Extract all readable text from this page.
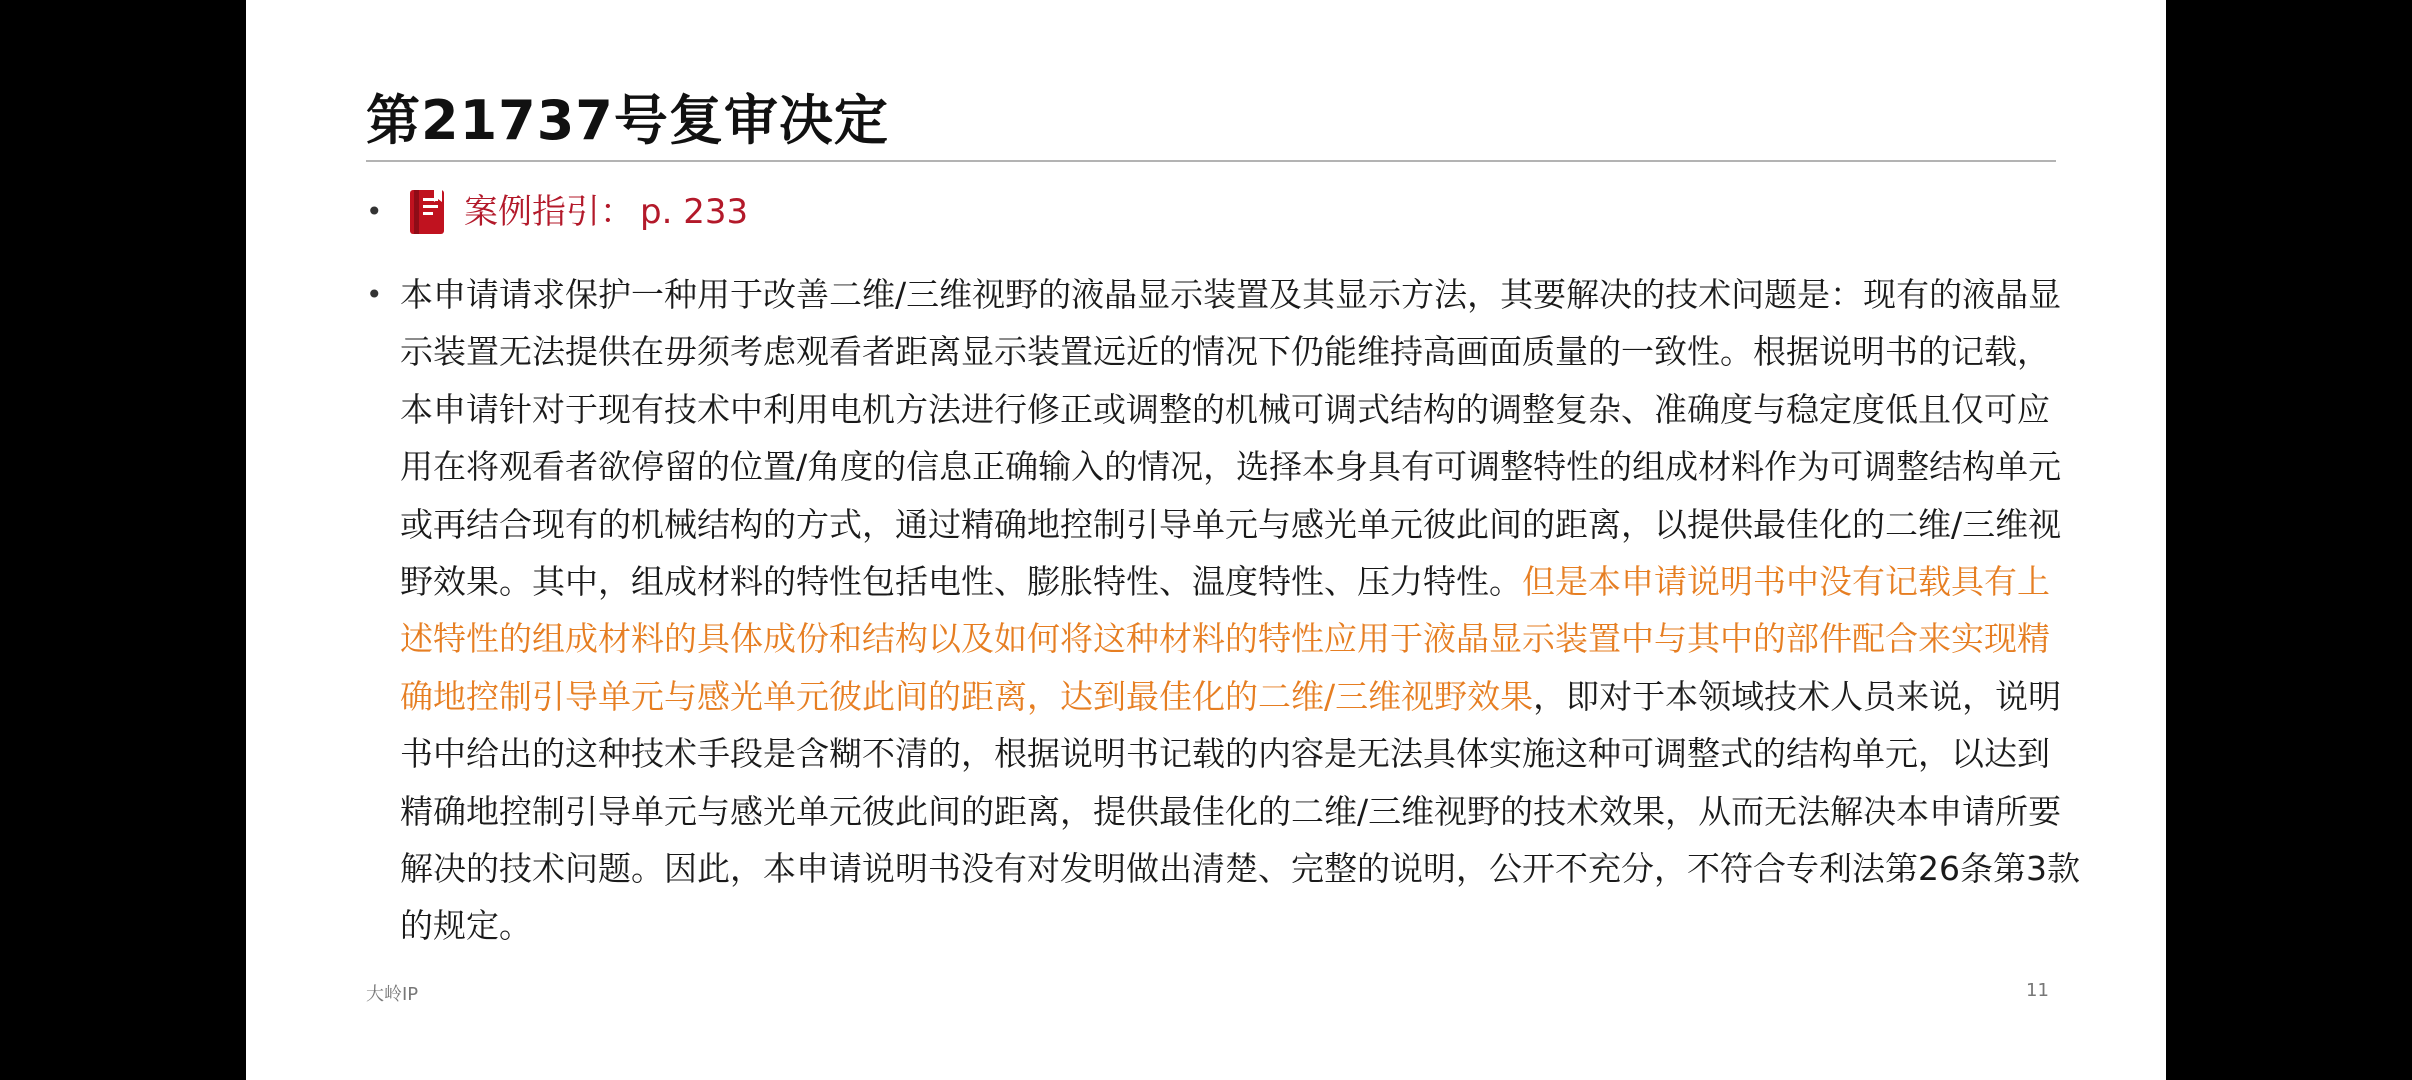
第21737号复审决定
•	案例指引： p. 233
• 本申请请求保护一种用于改善二维/三维视野的液晶显示装置及其显示方法，其要解决的技术问题是：现有的液晶显示装置无法提供在毋须考虑观看者距离显示装置远近的情况下仍能维持高画面质量的一致性。根据说明书的记载，本申请针对于现有技术中利用电机方法进行修正或调整的机械可调式结构的调整复杂、准确度与稳定度低且仅可应用在将观看者欲停留的位置/角度的信息正确输入的情况，选择本身具有可调整特性的组成材料作为可调整结构单元或再结合现有的机械结构的方式，通过精确地控制引导单元与感光单元彼此间的距离，以提供最佳化的二维/三维视野效果。其中，组成材料的特性包括电性、膨胀特性、温度特性、压力特性。但是本申请说明书中没有记载具有上述特性的组成材料的具体成份和结构以及如何将这种材料的特性应用于液晶显示装置中与其中的部件配合来实现精确地控制引导单元与感光单元彼此间的距离，达到最佳化的二维/三维视野效果，即对于本领域技术人员来说，说明书中给出的这种技术手段是含糊不清的，根据说明书记载的内容是无法具体实施这种可调整式的结构单元，以达到精确地控制引导单元与感光单元彼此间的距离，提供最佳化的二维/三维视野的技术效果，从而无法解决本申请所要解决的技术问题。因此，本申请说明书没有对发明做出清楚、完整的说明，公开不充分，不符合专利法第26条第3款的规定。

大岭IP	11
